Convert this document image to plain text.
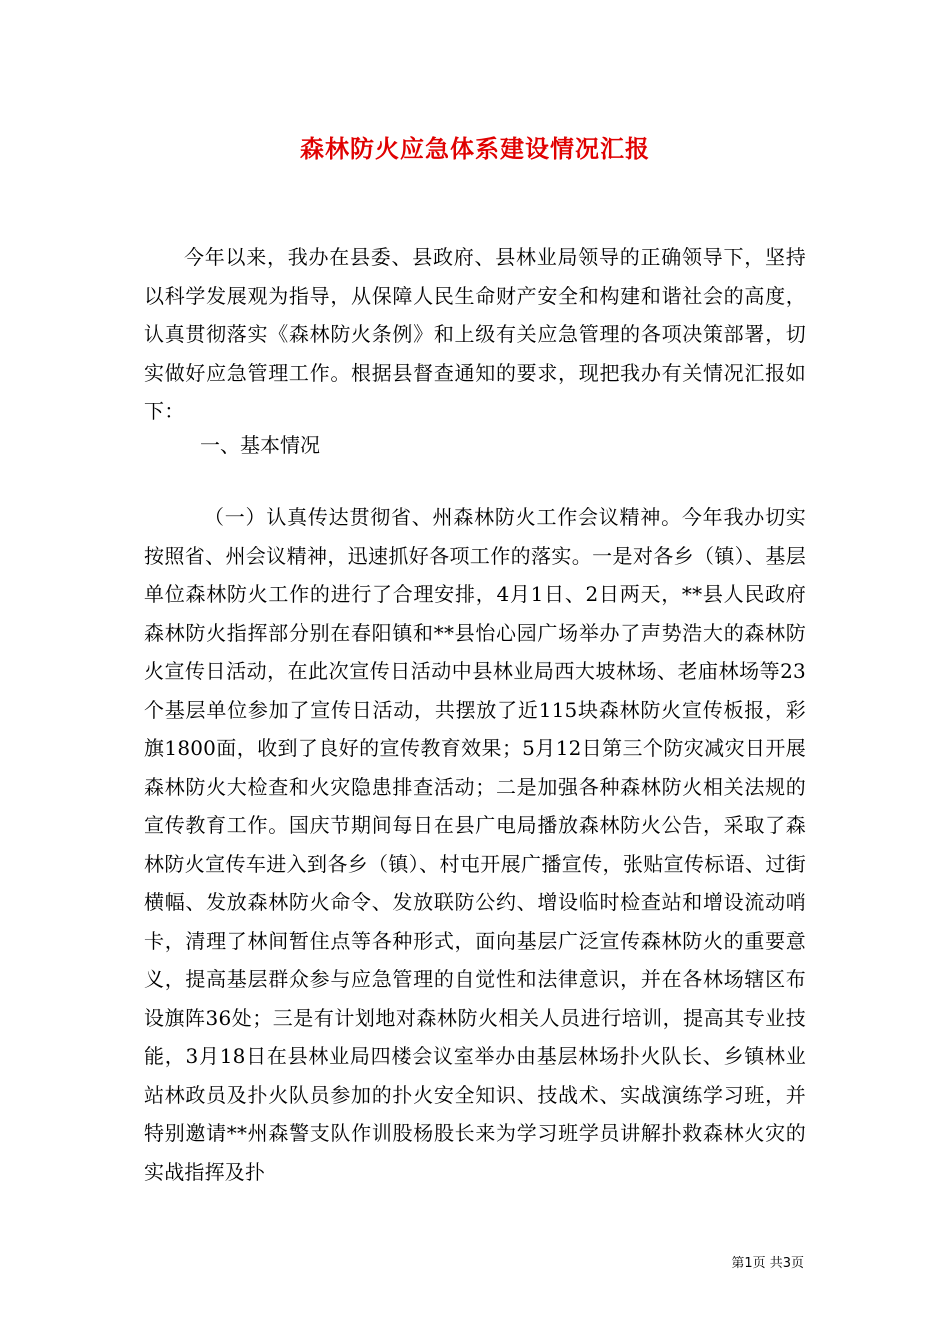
森林防火应急体系建设情况汇报

今年以来，我办在县委、县政府、县林业局领导的正确领导下，坚持以科学发展观为指导，从保障人民生命财产安全和构建和谐社会的高度，认真贯彻落实《森林防火条例》和上级有关应急管理的各项决策部署，切实做好应急管理工作。根据县督查通知的要求，现把我办有关情况汇报如下：

一、基本情况

（一）认真传达贯彻省、州森林防火工作会议精神。今年我办切实按照省、州会议精神，迅速抓好各项工作的落实。一是对各乡（镇）、基层单位森林防火工作的进行了合理安排，4月1日、2日两天，**县人民政府森林防火指挥部分别在春阳镇和**县怡心园广场举办了声势浩大的森林防火宣传日活动，在此次宣传日活动中县林业局西大坡林场、老庙林场等23个基层单位参加了宣传日活动，共摆放了近115块森林防火宣传板报，彩旗1800面，收到了良好的宣传教育效果；5月12日第三个防灾减灾日开展森林防火大检查和火灾隐患排查活动；二是加强各种森林防火相关法规的宣传教育工作。国庆节期间每日在县广电局播放森林防火公告，采取了森林防火宣传车进入到各乡（镇）、村屯开展广播宣传，张贴宣传标语、过街横幅、发放森林防火命令、发放联防公约、增设临时检查站和增设流动哨卡，清理了林间暂住点等各种形式，面向基层广泛宣传森林防火的重要意义，提高基层群众参与应急管理的自觉性和法律意识，并在各林场辖区布设旗阵36处；三是有计划地对森林防火相关人员进行培训，提高其专业技能，3月18日在县林业局四楼会议室举办由基层林场扑火队长、乡镇林业站林政员及扑火队员参加的扑火安全知识、技战术、实战演练学习班，并特别邀请**州森警支队作训股杨股长来为学习班学员讲解扑救森林火灾的实战指挥及扑

第1页 共3页
